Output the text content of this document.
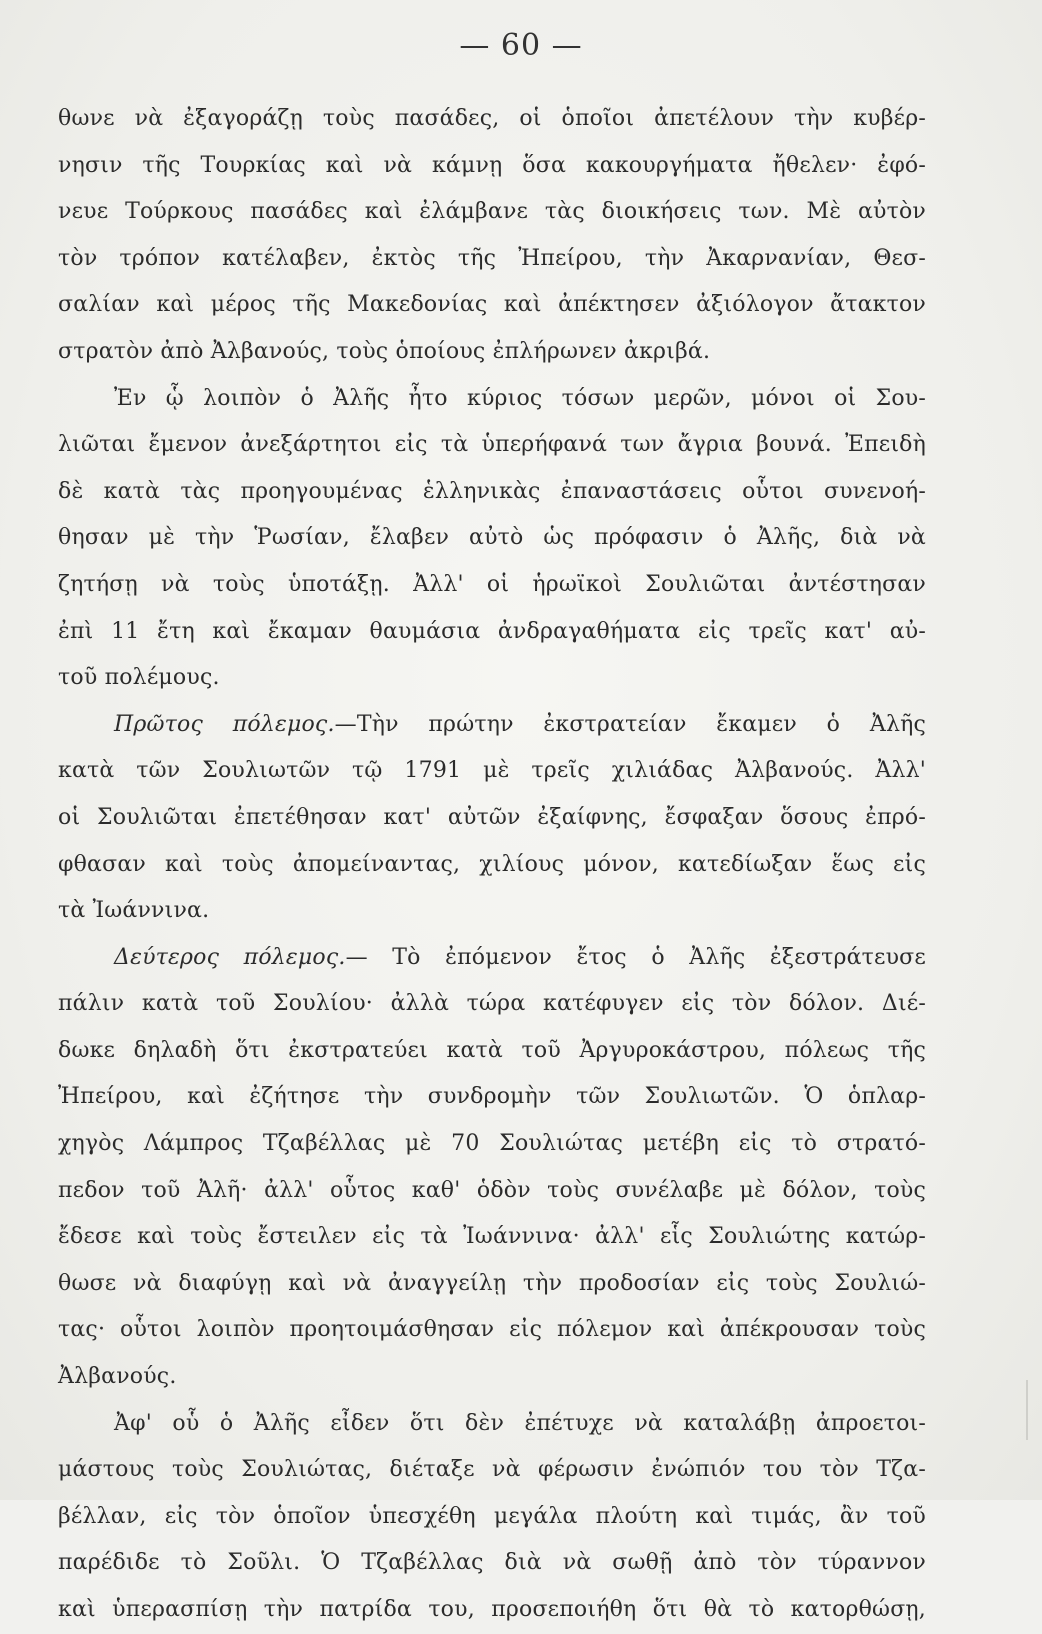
— 60 —
θωνε νὰ ἐξαγοράζῃ τοὺς πασάδες, οἱ ὁποῖοι ἀπετέλουν τὴν κυβέρ-
νησιν τῆς Τουρκίας καὶ νὰ κάμνῃ ὅσα κακουργήματα ἤθελεν· ἐφό-
νευε Τούρκους πασάδες καὶ ἐλάμβανε τὰς διοικήσεις των. Μὲ αὐτὸν
τὸν τρόπον κατέλαβεν, ἐκτὸς τῆς Ἠπείρου, τὴν Ἀκαρνανίαν, Θεσ-
σαλίαν καὶ μέρος τῆς Μακεδονίας καὶ ἀπέκτησεν ἀξιόλογον ἄτακτον
στρατὸν ἀπὸ Ἀλβανούς, τοὺς ὁποίους ἐπλήρωνεν ἀκριβά.
Ἐν ᾧ λοιπὸν ὁ Ἀλῆς ἦτο κύριος τόσων μερῶν, μόνοι οἱ Σου-
λιῶται ἔμενον ἀνεξάρτητοι εἰς τὰ ὑπερήφανά των ἄγρια βουνά. Ἐπειδὴ
δὲ κατὰ τὰς προηγουμένας ἑλληνικὰς ἐπαναστάσεις οὗτοι συνενοή-
θησαν μὲ τὴν Ῥωσίαν, ἔλαβεν αὐτὸ ὡς πρόφασιν ὁ Ἀλῆς, διὰ νὰ
ζητήσῃ νὰ τοὺς ὑποτάξῃ. Ἀλλ' οἱ ἡρωϊκοὶ Σουλιῶται ἀντέστησαν
ἐπὶ 11 ἔτη καὶ ἔκαμαν θαυμάσια ἀνδραγαθήματα εἰς τρεῖς κατ' αὐ-
τοῦ πολέμους.
Πρῶτος πόλεμος.—Τὴν πρώτην ἐκστρατείαν ἔκαμεν ὁ Ἀλῆς
κατὰ τῶν Σουλιωτῶν τῷ 1791 μὲ τρεῖς χιλιάδας Ἀλβανούς. Ἀλλ'
οἱ Σουλιῶται ἐπετέθησαν κατ' αὐτῶν ἐξαίφνης, ἔσφαξαν ὅσους ἐπρό-
φθασαν καὶ τοὺς ἀπομείναντας, χιλίους μόνον, κατεδίωξαν ἕως εἰς
τὰ Ἰωάννινα.
Δεύτερος πόλεμος.— Τὸ ἐπόμενον ἔτος ὁ Ἀλῆς ἐξεστράτευσε
πάλιν κατὰ τοῦ Σουλίου· ἀλλὰ τώρα κατέφυγεν εἰς τὸν δόλον. Διέ-
δωκε δηλαδὴ ὅτι ἐκστρατεύει κατὰ τοῦ Ἀργυροκάστρου, πόλεως τῆς
Ἠπείρου, καὶ ἐζήτησε τὴν συνδρομὴν τῶν Σουλιωτῶν. Ὁ ὁπλαρ-
χηγὸς Λάμπρος Τζαβέλλας μὲ 70 Σουλιώτας μετέβη εἰς τὸ στρατό-
πεδον τοῦ Ἀλῆ· ἀλλ' οὗτος καθ' ὁδὸν τοὺς συνέλαβε μὲ δόλον, τοὺς
ἔδεσε καὶ τοὺς ἔστειλεν εἰς τὰ Ἰωάννινα· ἀλλ' εἷς Σουλιώτης κατώρ-
θωσε νὰ διαφύγῃ καὶ νὰ ἀναγγείλῃ τὴν προδοσίαν εἰς τοὺς Σουλιώ-
τας· οὗτοι λοιπὸν προητοιμάσθησαν εἰς πόλεμον καὶ ἀπέκρουσαν τοὺς
Ἀλβανούς.
Ἀφ' οὗ ὁ Ἀλῆς εἶδεν ὅτι δὲν ἐπέτυχε νὰ καταλάβῃ ἀπροετοι-
μάστους τοὺς Σουλιώτας, διέταξε νὰ φέρωσιν ἐνώπιόν του τὸν Τζα-
βέλλαν, εἰς τὸν ὁποῖον ὑπεσχέθη μεγάλα πλούτη καὶ τιμάς, ἂν τοῦ
παρέδιδε τὸ Σοῦλι. Ὁ Τζαβέλλας διὰ νὰ σωθῇ ἀπὸ τὸν τύραννον
καὶ ὑπερασπίσῃ τὴν πατρίδα του, προσεποιήθη ὅτι θὰ τὸ κατορθώσῃ,
